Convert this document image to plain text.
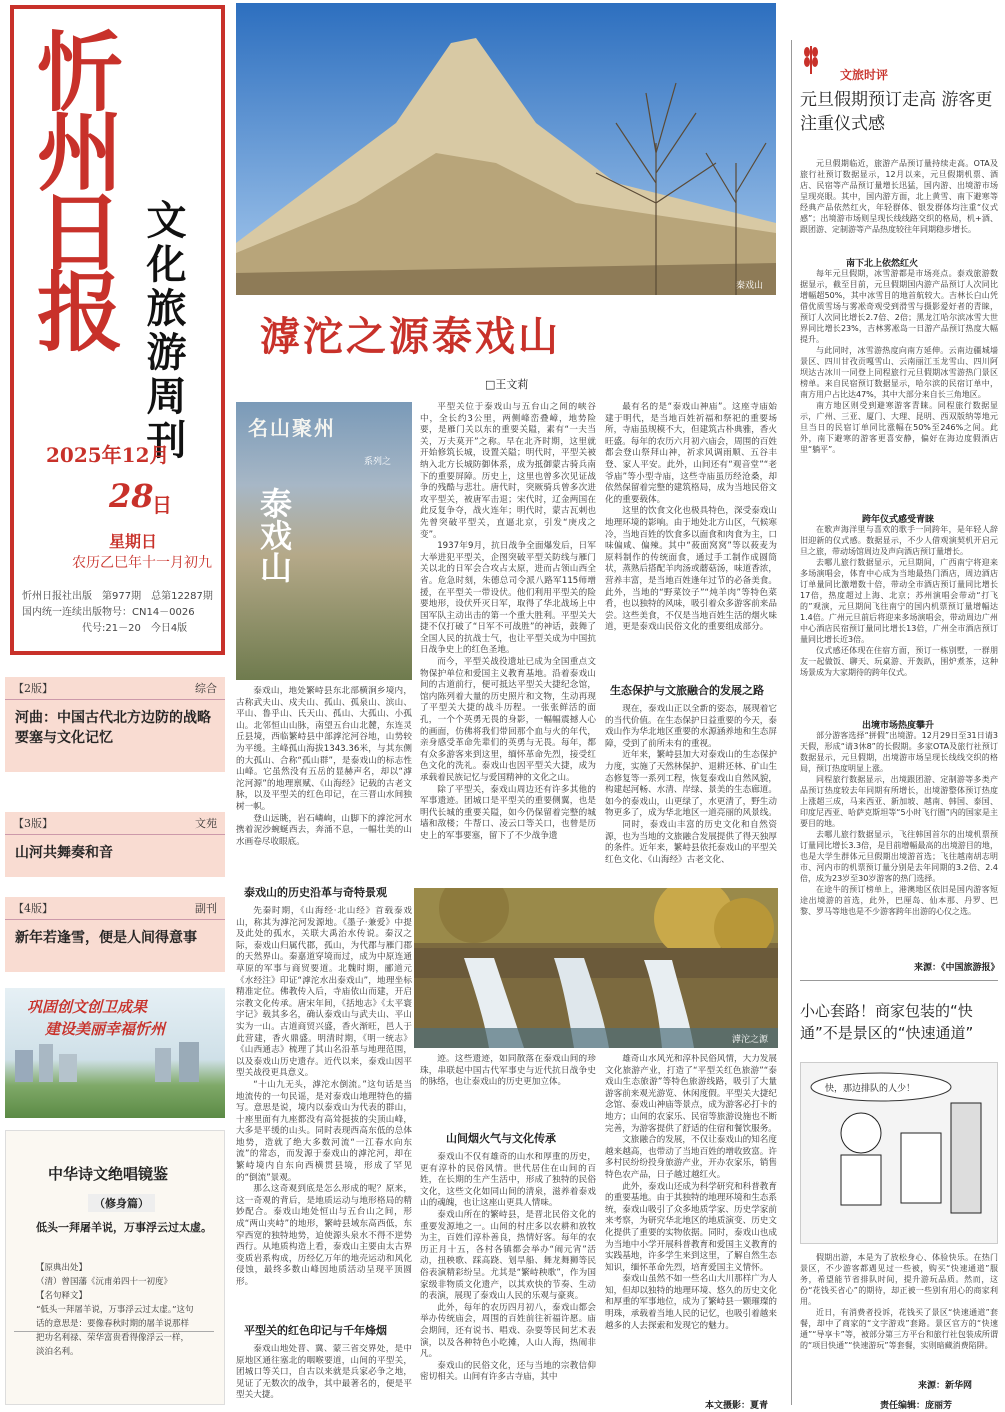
忻州日报 文化旅游周刊
2025年12月
28
日
星期日
农历乙巳年十一月初九
忻州日报社出版　第977期　总第12287期
国内统一连续出版物号：CN14－0026
代号:21－20　今日4版
【2版】	综合
河曲：中国古代北方边防的战略要塞与文化记忆
【3版】	文苑
山河共舞奏和音
【4版】	副刊
新年若逢雪，便是人间得意事
巩固创文创卫成果
建设美丽幸福忻州
中华诗文绝唱镜鉴
（修身篇）
低头一拜屠羊说，万事浮云过太虚。
【原典出处】
（清）曾国藩《沅甫弟四十一初度》
【名句释文】
“低头一拜屠羊说，万事浮云过太虚。”这句话的意思是：要像春秋时期的屠羊说那样把功名利禄、荣华富贵看得像浮云一样，淡泊名利。
秦戏山
滹沱之源泰戏山
□王文莉
名山聚州
系列之
泰戏山

泰戏山，地处繁峙县东北部横涧乡境内，古称武夫山、戍夫山、孤山、孤泉山、滨山、平山、鲁乎山、氏天山、孤山、大孤山、小孤山。北邻恒山山脉，南望五台山北麓，东连灵丘县境，西临繁峙县中部滹沱河谷地，山势较为平缓。主峰孤山海拔1343.36米，与其东侧的大孤山、合称“孤山群”，是泰戏山的标志性山峰。它虽然没有五岳的显赫声名，却以“滹沱河源”的地理禀赋、《山海经》记载的古老文脉，以及平型关的红色印记，在三晋山水间独树一帜。

登山远眺，岩石嶙峋，山脚下的滹沱河水携着泥沙蜿蜒西去，奔涌不息，一幅壮美的山水画卷尽收眼底。

泰戏山的历史沿革与奇特景观

先秦时期，《山海经·北山经》首载泰戏山，称其为滹沱河发源地。《墨子·兼爱》中提及此处的孤水，关联大禹治水传说。秦汉之际，泰戏山归属代郡，孤山，为代郡与雁门郡的天然界山。秦嘉道穿境而过，成为中原连通草原的军事与商贸要道。北魏时期，郦道元《水经注》印证“滹沱水出泰戏山”，地理坐标精准定位。佛教传入后，寺庙依山而建，开启宗教文化传承。唐宋年间，《括地志》《太平寰宇记》载其多名，确认泰戏山与武夫山、平山实为一山。古道商贸兴盛，香火渐旺，邑人于此营建，香火鼎盛。明清时期，《明一统志》《山西通志》梳理了其山名沿革与地理范围，以及泰戏山历史遗存。近代以来，泰戏山因平型关战役更具意义。

“十山九无头，滹沱水倒流。”这句话是当地流传的一句民谣，是对泰戏山地理特色的描写。意思是说，境内以泰戏山为代表的群山，十座里面有九座都没有高耸挺拔的尖顶山峰，大多是平缓的山头。同时表现西高东低的总体地势，造就了绝大多数河流“一江春水向东流”的常态，而发源于泰戏山的滹沱河，却在繁峙境内自东向西横贯县境，形成了罕见的“倒流”景观。

那么这奇观到底是怎么形成的呢？原来，这一奇观的背后，是地质运动与地形格局的精妙配合。泰戏山地处恒山与五台山之间，形成“两山夹峙”的地形，繁峙县域东高西低，东窄西宽的独特地势，迫使源头泉水不得不逆势西行。从地质构造上看，泰戏山主要由太古界变质岩系构成，历经亿万年的地壳运动和风化侵蚀，最终多数山峰因地质活动呈现平顶圆形。

平型关的红色印记与千年烽烟

泰戏山地处晋、冀、蒙三省交界处，是中原地区通往塞北的咽喉要道，山间的平型关，团城口等关口，自古以来就是兵家必争之地，见证了无数次的战争，其中最著名的，便是平型关大捷。

平型关位于泰戏山与五台山之间的峡谷中，全长约3公里，两侧峰峦叠嶂，地势险要，是雁门关以东的重要关隘，素有“一夫当关，万夫莫开”之称。早在北齐时期，这里就开始修筑长城，设置关隘；明代时，平型关被纳入北方长城防御体系，成为抵御蒙古骑兵南下的重要屏障。历史上，这里也曾多次见证战争的残酷与悲壮。唐代时，突厥骑兵曾多次进攻平型关，被唐军击退；宋代时，辽金两国在此反复争夺，战火连年；明代时，蒙古瓦剌也先曾突破平型关，直逼北京，引发“庚戌之变”。

1937年9月，抗日战争全面爆发后，日军大举进犯平型关，企图突破平型关防线与雁门关以北的日军会合攻占太原，进而占领山西全省。危急时刻，朱德总司令派八路军115师增援，在平型关一带设伏。他们利用平型关的险要地形，设伏歼灭日军，取得了华北战场上中国军队主动出击的第一个重大胜利。平型关大捷不仅打破了“日军不可战胜”的神话，鼓舞了全国人民的抗战士气，也让平型关成为中国抗日战争史上的红色圣地。

而今，平型关战役遗址已成为全国重点文物保护单位和爱国主义教育基地。沿着泰戏山间的古道前行，便可抵达平型关大捷纪念馆，馆内陈列着大量的历史照片和文物，生动再现了平型关大捷的战斗历程。一张张鲜活的面孔，一个个英勇无畏的身影，一幅幅震撼人心的画面，仿佛将我们带回那个血与火的年代，亲身感受革命先辈们的英勇与无畏。每年，都有众多游客来到这里，缅怀革命先烈，接受红色文化的洗礼。泰戏山也因平型关大捷，成为承载着民族记忆与爱国精神的文化之山。

除了平型关，泰戏山周边还有许多其他的军事遗迹。团城口是平型关的重要侧翼，也是明代长城的重要关隘，如今仍保留着完整的城墙和敌楼；牛帮口、凌云口等关口，也曾是历史上的军事要塞，留下了不少战争遗

最有名的是“泰戏山神庙”。这座寺庙始建于明代，是当地百姓祈福和祭祀的重要场所，寺庙虽规模不大，但建筑古朴典雅，香火旺盛。每年的农历六月初六庙会，周围的百姓都会登山祭拜山神，祈求风调雨顺、五谷丰登、家人平安。此外，山间还有“观音堂”“老爷庙”等小型寺庙，这些寺庙虽历经沧桑，却依然保留着完整的建筑格局，成为当地民俗文化的重要载体。

这里的饮食文化也极具特色，深受泰戏山地理环境的影响。由于地处北方山区，气候寒冷，当地百姓的饮食多以面食和肉食为主，口味偏咸、偏辣。其中“莜面窝窝”等以莜麦为原料制作的传统面食，通过手工制作成圆筒状，蒸熟后搭配羊肉汤或蘑菇汤，味道香浓，营养丰富，是当地百姓逢年过节的必备美食。此外，当地的“野菜饺子”“炖羊肉”等特色菜肴，也以独特的风味，吸引着众多游客前来品尝。这些美食，不仅是当地百姓生活的烟火味道，更是泰戏山民俗文化的重要组成部分。

生态保护与文旅融合的发展之路

现在，泰戏山正以全新的姿态，展现着它的当代价值。在生态保护日益重要的今天，泰戏山作为华北地区重要的水源涵养地和生态屏障，受到了前所未有的重视。

近年来，繁峙县加大对泰戏山的生态保护力度，实施了天然林保护、退耕还林、矿山生态修复等一系列工程，恢复泰戏山自然风貌，构建起河畅、水清、岸绿、景美的生态廊道。如今的泰戏山，山更绿了，水更清了，野生动物更多了，成为华北地区一道亮丽的风景线。

同时，泰戏山丰富的历史文化和自然资源，也为当地的文旅融合发展提供了得天独厚的条件。近年来，繁峙县依托泰戏山的平型关红色文化、《山海经》古老文化、

滹沱之源

迹。这些遗迹，如同散落在泰戏山间的珍珠，串联起中国古代军事史与近代抗日战争史的脉络，也让泰戏山的历史更加立体。

山间烟火气与文化传承

泰戏山不仅有雄奇的山水和厚重的历史，更有淳朴的民俗风情。世代居住在山间的百姓，在长期的生产生活中，形成了独特的民俗文化，这些文化如同山间的清泉，滋养着泰戏山的魂魄，也让这座山更具人情味。

泰戏山所在的繁峙县，是晋北民俗文化的重要发源地之一。山间的村庄多以农耕和放牧为主，百姓们淳朴善良，热情好客。每年的农历正月十五，各村各镇都会举办“闹元宵”活动，扭秧歌、踩高跷、划旱船、舞龙舞狮等民俗表演精彩纷呈。尤其是“繁峙秧歌”，作为国家级非物质文化遗产，以其欢快的节奏、生动的表演，展现了泰戏山人民的乐观与豪爽。

此外，每年的农历四月初八，泰戏山都会举办传统庙会，周围的百姓前往祈福许愿。庙会期间，还有说书、唱戏、杂耍等民间艺术表演，以及各种特色小吃摊，人山人海，热闹非凡。

泰戏山的民俗文化，还与当地的宗教信仰密切相关。山间有许多古寺庙，其中

雄奇山水风光和淳朴民俗风情，大力发展文化旅游产业，打造了“平型关红色旅游”“泰戏山生态旅游”等特色旅游线路，吸引了大量游客前来观光游览、休闲度假。平型关大捷纪念馆、泰戏山神庙等景点，成为游客必打卡的地方；山间的农家乐、民宿等旅游设施也不断完善，为游客提供了舒适的住宿和餐饮服务。

文旅融合的发展，不仅让泰戏山的知名度越来越高，也带动了当地百姓的增收致富。许多村民纷纷投身旅游产业，开办农家乐，销售特色农产品，日子越过越红火。

此外，泰戏山还成为科学研究和科普教育的重要基地。由于其独特的地理环境和生态系统，泰戏山吸引了众多地质学家、历史学家前来考察，为研究华北地区的地质演变、历史文化提供了重要的实物依据。同时，泰戏山也成为当地中小学开展科普教育和爱国主义教育的实践基地，许多学生来到这里，了解自然生态知识，缅怀革命先烈，培育爱国主义情怀。

泰戏山虽然不如一些名山大川那样广为人知，但却以独特的地理环境、悠久的历史文化和厚重的军事地位，成为了繁峙县一颗璀璨的明珠，承载着当地人民的记忆，也吸引着越来越多的人去探索和发现它的魅力。

本文摄影：夏青
文旅时评
元旦假期预订走高 游客更注重仪式感

元旦假期临近，旅游产品预订量持续走高。OTA及旅行社预订数据显示，12月以来，元旦假期机票、酒店、民宿等产品预订量增长迅猛，国内游、出境游市场呈现亮眼。其中，国内游方面，北上黄雪、南下避寒等经典产品依然红火，年轻群体、银发群体均注重“仪式感”；出境游市场则呈现长线线路交织的格局，机+酒、跟团游、定制游等产品热度较往年同期稳步增长。

南下北上依然红火

每年元旦假期，冰雪游都是市场亮点。泰戏旅游数据显示，截至目前，元旦假期国内游产品预订人次同比增幅超50%，其中冰雪目的地首航较大。吉林长白山凭借优质雪场与雾凇奇观受到滑雪与摄影爱好者的青睐，预订人次同比增长2.7倍、2倍；黑龙江哈尔滨冰雪大世界同比增长23%，吉林雾凇岛一日游产品预订热度大幅提升。

与此同时，冰雪游热度向南方延伸。云南边疆城墙景区、四川甘孜贡嘎雪山、云南丽江玉龙雪山、四川阿坝达古冰川一同登上同程旅行元旦假期冰雪游热门景区榜单。来自民宿预订数据显示，哈尔滨的民宿订单中，南方用户占比达47%，其中大部分来自长三角地区。

南方地区则受到避寒游客青睐。同程旅行数据显示，广州、三亚、厦门、大理、昆明、西双版纳等地元旦当日的民宿订单同比涨幅在50%至246%之间。此外，南下避寒的游客更喜安静，偏好在海边度假酒店里“躺平”。

跨年仪式感受青睐

在歌声海洋里与喜欢的歌手一同跨年，是年轻人辞旧迎新的仪式感。数据显示，不少人借观演契机开启元旦之旅，带动场馆周边及声向酒店预订量增长。

去哪儿旅行数据显示，元旦期间，广西南宁将迎来多场演唱会，体育中心成为当地最热门酒店，周边酒店订单量同比激增数十倍，带动全市酒店预订量同比增长17倍，热度超过上海、北京；苏州演唱会带动“打飞的”观演，元旦期间飞往南宁的国内机票预订量增幅达1.4倍。广州元旦前后将迎来多场演唱会，带动周边广州中心酒店民宿预订量同比增长13倍，广州全市酒店预订量同比增长近3倍。

仪式感还体现在住宿方面，预订一栋别墅，一群朋友一起做饭、聊天、玩桌游、开轰趴，围炉煮茶，这种场景成为大家期待的跨年仪式。

出境市场热度攀升

部分游客选择“拼假”出境游。12月29日至31日请3天假，形成“请3休8”的长假期。多家OTA及旅行社预订数据显示，元旦假期，出境游市场呈现长线线交织的格局，预订热度明显上涨。

同程旅行数据显示，出境跟团游、定制游等多类产品预订热度较去年同期有所增长，出境游整体预订热度上涨超三成，马来西亚、新加坡、越南、韩国、泰国、印度尼西亚、哈萨克斯坦等“5小时飞行圈”内的国家是主要目的地。

去哪儿旅行数据显示，飞往韩国首尔的出境机票预订量同比增长3.3倍，是目前增幅最高的出境游目的地，也是大学生群体元旦假期出境游首选；飞往越南胡志明市、河内市的机票预订量分别是去年同期的3.2倍、2.4倍，成为23岁至30岁游客的热门选择。

在途牛的预订榜单上，港澳地区依旧是国内游客短途出境游的首选，此外，巴厘岛、仙本那、丹罗、巴黎、罗马等地也是不少游客跨年出游的心仪之选。

来源：《中国旅游报》
小心套路！商家包装的“快通”不是景区的“快速通道”
快，那边排队的人少！

假期出游，本是为了放松身心、体验快乐。在热门景区，不少游客都遇见过一些被，购买“快速通道”服务，希望能节省排队时间，提升游玩品质。然而，这份“花钱买省心”的期待，却正被一些别有用心的商家利用。

近日，有消费者投诉，花钱买了景区“快速通道”套餐，却中了商家的“文字游戏”套路。景区官方的“快速通”“导享卡”等，被部分第三方平台和旅行社包装成所谓的“项目快通”“快速游玩”等套餐，实则暗藏消费陷阱。

来源：新华网
责任编辑：庞丽芳
